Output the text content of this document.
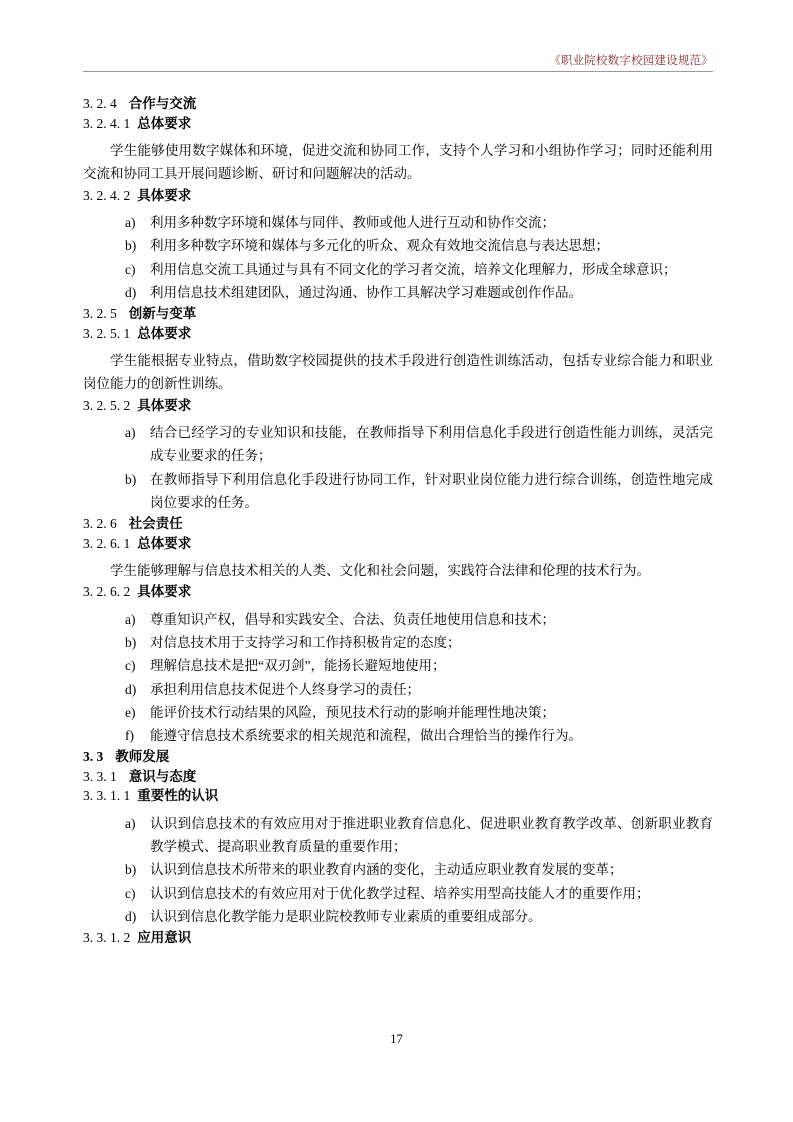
《职业院校数字校园建设规范》
3. 2. 4 合作与交流
3. 2. 4. 1 总体要求

学生能够使用数字媒体和环境，促进交流和协同工作，支持个人学习和小组协作学习；同时还能利用交流和协同工具开展问题诊断、研讨和问题解决的活动。

3. 2. 4. 2 具体要求
a)	利用多种数字环境和媒体与同伴、教师或他人进行互动和协作交流；
b)	利用多种数字环境和媒体与多元化的听众、观众有效地交流信息与表达思想；
c)	利用信息交流工具通过与具有不同文化的学习者交流，培养文化理解力，形成全球意识；
d)	利用信息技术组建团队，通过沟通、协作工具解决学习难题或创作作品。
3. 2. 5 创新与变革
3. 2. 5. 1 总体要求

学生能根据专业特点，借助数字校园提供的技术手段进行创造性训练活动，包括专业综合能力和职业岗位能力的创新性训练。

3. 2. 5. 2 具体要求
a)	结合已经学习的专业知识和技能，在教师指导下利用信息化手段进行创造性能力训练，灵活完成专业要求的任务；
b)	在教师指导下利用信息化手段进行协同工作，针对职业岗位能力进行综合训练，创造性地完成岗位要求的任务。
3. 2. 6 社会责任
3. 2. 6. 1 总体要求

学生能够理解与信息技术相关的人类、文化和社会问题，实践符合法律和伦理的技术行为。

3. 2. 6. 2 具体要求
a)	尊重知识产权，倡导和实践安全、合法、负责任地使用信息和技术；
b)	对信息技术用于支持学习和工作持积极肯定的态度；
c)	理解信息技术是把“双刃剑”，能扬长避短地使用；
d)	承担利用信息技术促进个人终身学习的责任；
e)	能评价技术行动结果的风险，预见技术行动的影响并能理性地决策；
f)	能遵守信息技术系统要求的相关规范和流程，做出合理恰当的操作行为。
3. 3 教师发展
3. 3. 1 意识与态度
3. 3. 1. 1 重要性的认识
a)	认识到信息技术的有效应用对于推进职业教育信息化、促进职业教育教学改革、创新职业教育教学模式、提高职业教育质量的重要作用；
b)	认识到信息技术所带来的职业教育内涵的变化，主动适应职业教育发展的变革；
c)	认识到信息技术的有效应用对于优化教学过程、培养实用型高技能人才的重要作用；
d)	认识到信息化教学能力是职业院校教师专业素质的重要组成部分。
3. 3. 1. 2 应用意识
17
